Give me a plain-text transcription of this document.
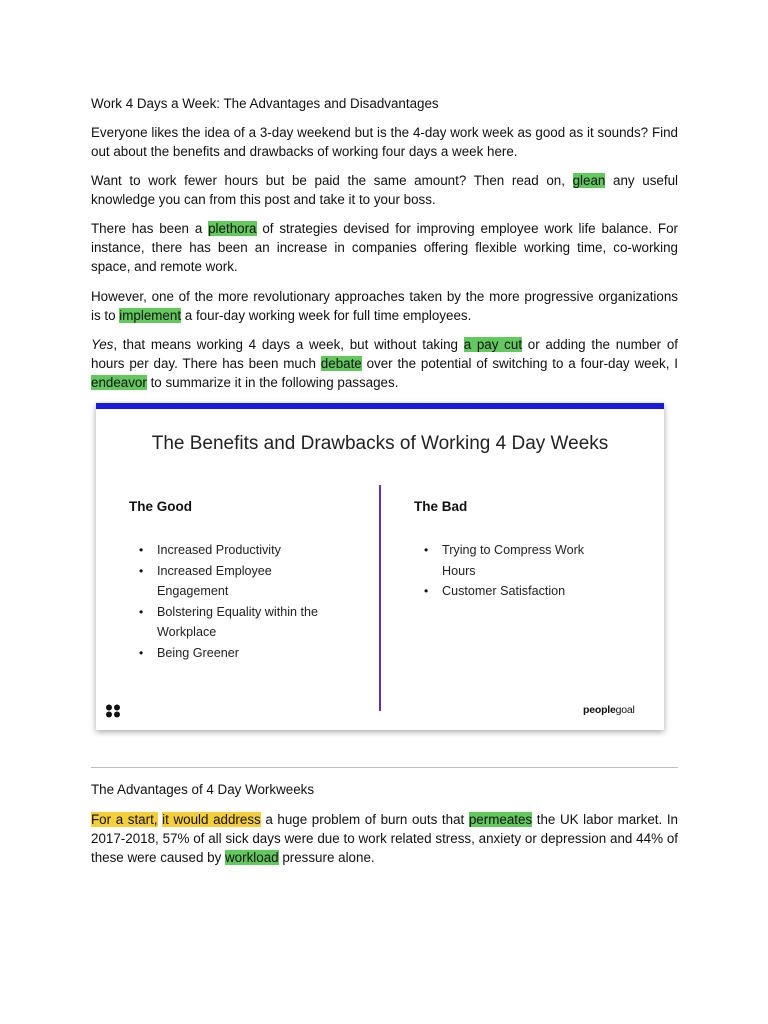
Work 4 Days a Week: The Advantages and Disadvantages
Everyone likes the idea of a 3-day weekend but is the 4-day work week as good as it sounds? Find out about the benefits and drawbacks of working four days a week here.
Want to work fewer hours but be paid the same amount? Then read on, glean any useful knowledge you can from this post and take it to your boss.
There has been a plethora of strategies devised for improving employee work life balance. For instance, there has been an increase in companies offering flexible working time, co-working space, and remote work.
However, one of the more revolutionary approaches taken by the more progressive organizations is to implement a four-day working week for full time employees.
Yes, that means working 4 days a week, but without taking a pay cut or adding the number of hours per day. There has been much debate over the potential of switching to a four-day week, I endeavor to summarize it in the following passages.
The Benefits and Drawbacks of Working 4 Day Weeks
The Good
• Increased Productivity
• Increased Employee Engagement
• Bolstering Equality within the Workplace
• Being Greener
The Bad
• Trying to Compress Work Hours
• Customer Satisfaction
peoplegoal
The Advantages of 4 Day Workweeks
For a start, it would address a huge problem of burn outs that permeates the UK labor market. In 2017-2018, 57% of all sick days were due to work related stress, anxiety or depression and 44% of these were caused by workload pressure alone.
